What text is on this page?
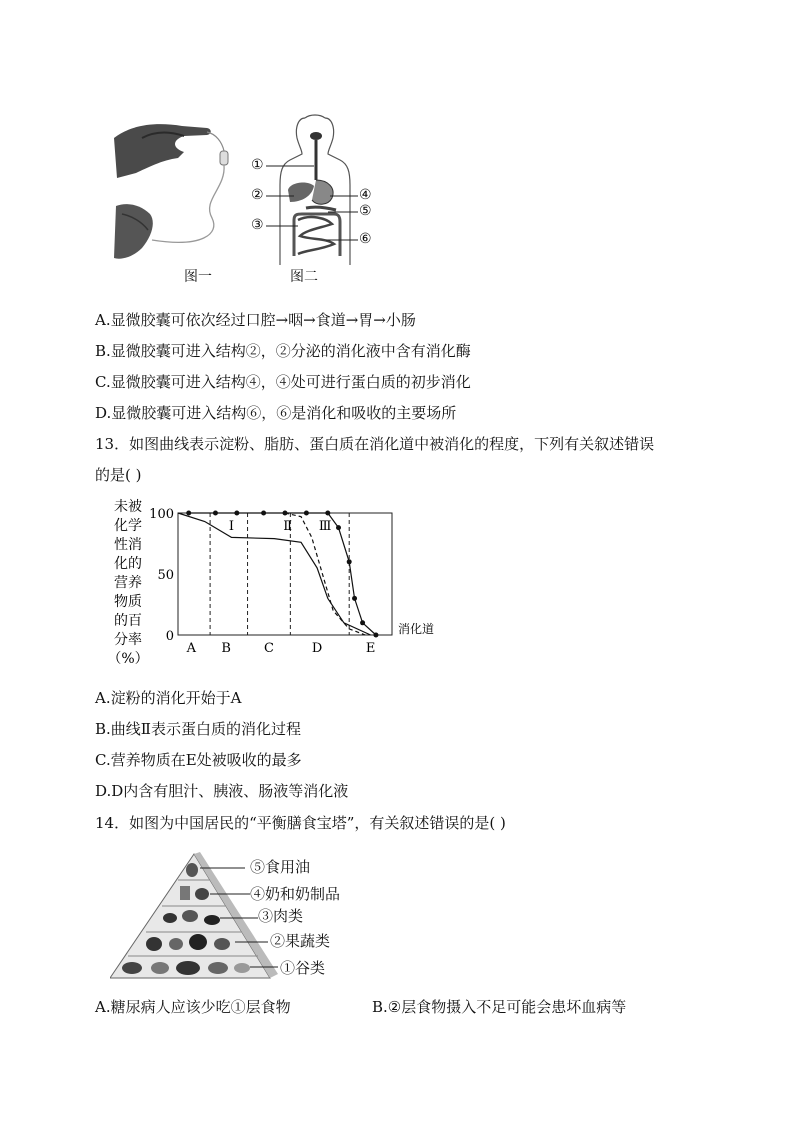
图一
①
②
③
④
⑤
⑥
图二
A.显微胶囊可依次经过口腔→咽→食道→胃→小肠
B.显微胶囊可进入结构②，②分泌的消化液中含有消化酶
C.显微胶囊可进入结构④，④处可进行蛋白质的初步消化
D.显微胶囊可进入结构⑥，⑥是消化和吸收的主要场所
13．如图曲线表示淀粉、脂肪、蛋白质在消化道中被消化的程度，下列有关叙述错误
的是( )
100
50
0
A B	C	D	E
消化道
未被
化学
性消
化的
营养
物质
的百
分率
（%）
Ⅰ	Ⅱ Ⅲ
A.淀粉的消化开始于A
B.曲线Ⅱ表示蛋白质的消化过程
C.营养物质在E处被吸收的最多
D.D内含有胆汁、胰液、肠液等消化液
14．如图为中国居民的“平衡膳食宝塔”，有关叙述错误的是( )
⑤食用油
④奶和奶制品
③肉类
②果蔬类
①谷类
A.糖尿病人应该少吃①层食物	B.②层食物摄入不足可能会患坏血病等
